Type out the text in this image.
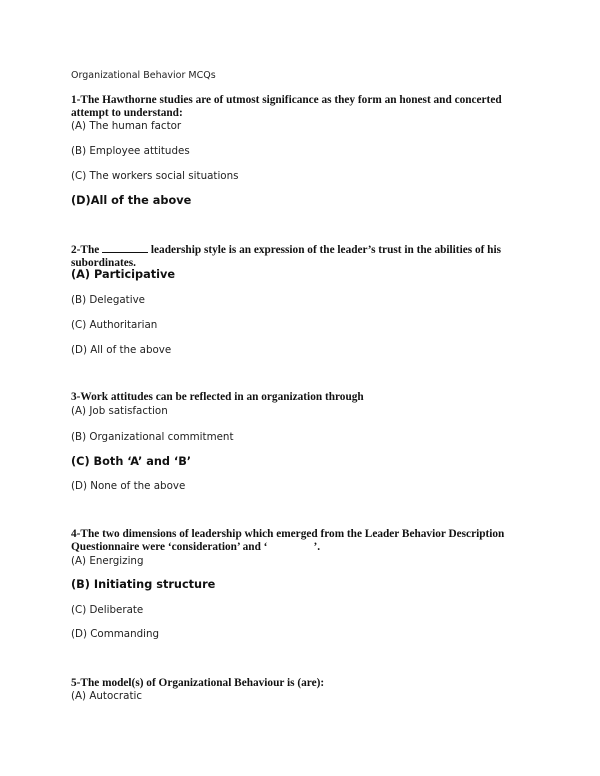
Organizational Behavior MCQs
1-The Hawthorne studies are of utmost significance as they form an honest and concerted attempt to understand:
(A) The human factor
(B) Employee attitudes
(C) The workers social situations
(D)All of the above
2-The	leadership style is an expression of the leader’s trust in the abilities of his subordinates.
(A) Participative
(B) Delegative
(C) Authoritarian
(D) All of the above
3-Work attitudes can be reflected in an organization through
(A) Job satisfaction
(B) Organizational commitment
(C) Both ‘A’ and ‘B’
(D) None of the above
4-The two dimensions of leadership which emerged from the Leader Behavior Description Questionnaire were ‘consideration’ and ‘	’.
(A) Energizing
(B) Initiating structure
(C) Deliberate
(D) Commanding
5-The model(s) of Organizational Behaviour is (are):
(A) Autocratic
